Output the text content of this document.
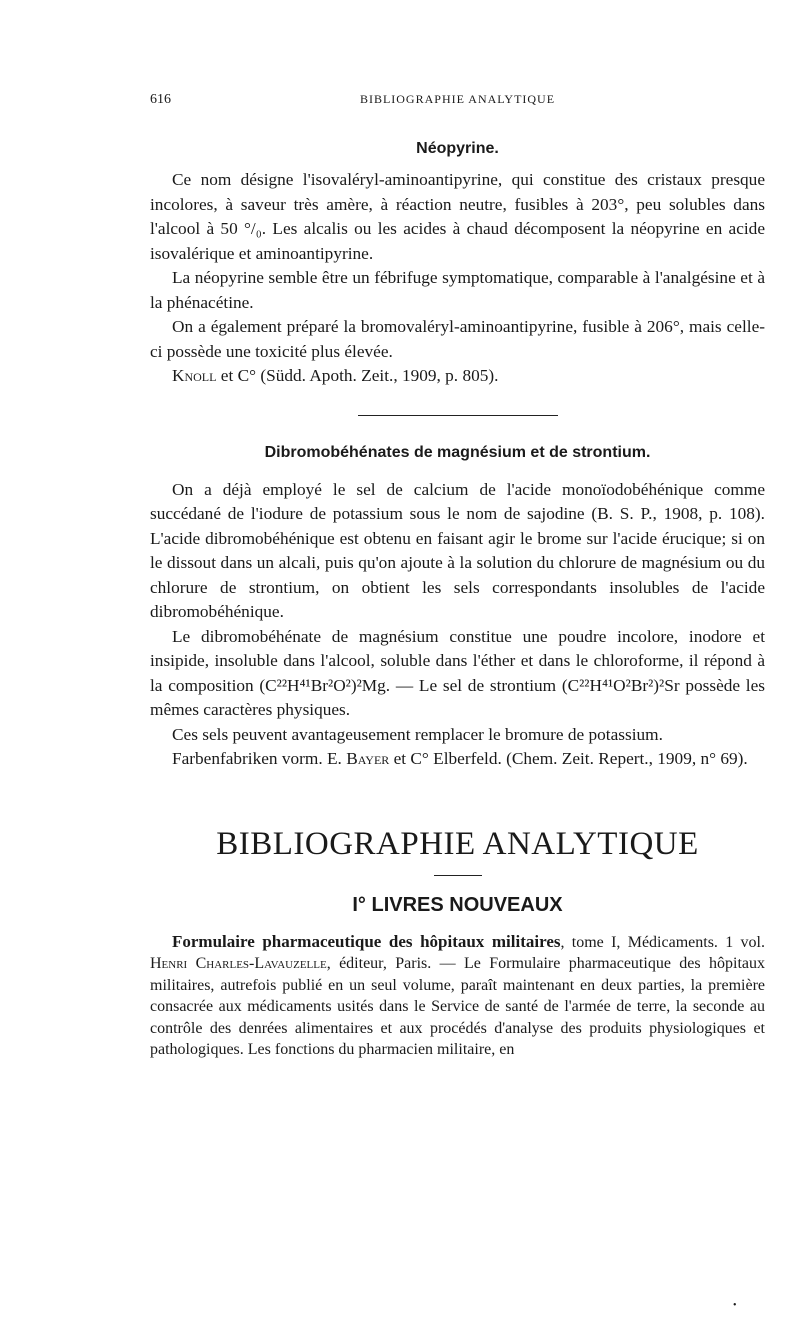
616	BIBLIOGRAPHIE ANALYTIQUE
Néopyrine.

Ce nom désigne l'isovaléryl-aminoantipyrine, qui constitue des cristaux presque incolores, à saveur très amère, à réaction neutre, fusibles à 203°, peu solubles dans l'alcool à 50 °/₀. Les alcalis ou les acides à chaud décomposent la néopyrine en acide isovalérique et aminoantipyrine.

La néopyrine semble être un fébrifuge symptomatique, comparable à l'analgésine et à la phénacétine.

On a également préparé la bromovaléryl-aminoantipyrine, fusible à 206°, mais celle-ci possède une toxicité plus élevée.

Knoll et C° (Südd. Apoth. Zeit., 1909, p. 805).

Dibromobéhénates de magnésium et de strontium.

On a déjà employé le sel de calcium de l'acide monoïodobéhénique comme succédané de l'iodure de potassium sous le nom de sajodine (B. S. P., 1908, p. 108). L'acide dibromobéhénique est obtenu en faisant agir le brome sur l'acide érucique; si on le dissout dans un alcali, puis qu'on ajoute à la solution du chlorure de magnésium ou du chlorure de strontium, on obtient les sels correspondants insolubles de l'acide dibromobéhénique.

Le dibromobéhénate de magnésium constitue une poudre incolore, inodore et insipide, insoluble dans l'alcool, soluble dans l'éther et dans le chloroforme, il répond à la composition (C²²H⁴¹Br²O²)²Mg. — Le sel de strontium (C²²H⁴¹O²Br²)²Sr possède les mêmes caractères physiques.

Ces sels peuvent avantageusement remplacer le bromure de potassium.

Farbenfabriken vorm. E. Bayer et C° Elberfeld. (Chem. Zeit. Repert., 1909, n° 69).

BIBLIOGRAPHIE ANALYTIQUE
I° LIVRES NOUVEAUX

Formulaire pharmaceutique des hôpitaux militaires, tome I, Médicaments. 1 vol. Henri Charles-Lavauzelle, éditeur, Paris. — Le Formulaire pharmaceutique des hôpitaux militaires, autrefois publié en un seul volume, paraît maintenant en deux parties, la première consacrée aux médicaments usités dans le Service de santé de l'armée de terre, la seconde au contrôle des denrées alimentaires et aux procédés d'analyse des produits physiologiques et pathologiques. Les fonctions du pharmacien militaire, en

•
